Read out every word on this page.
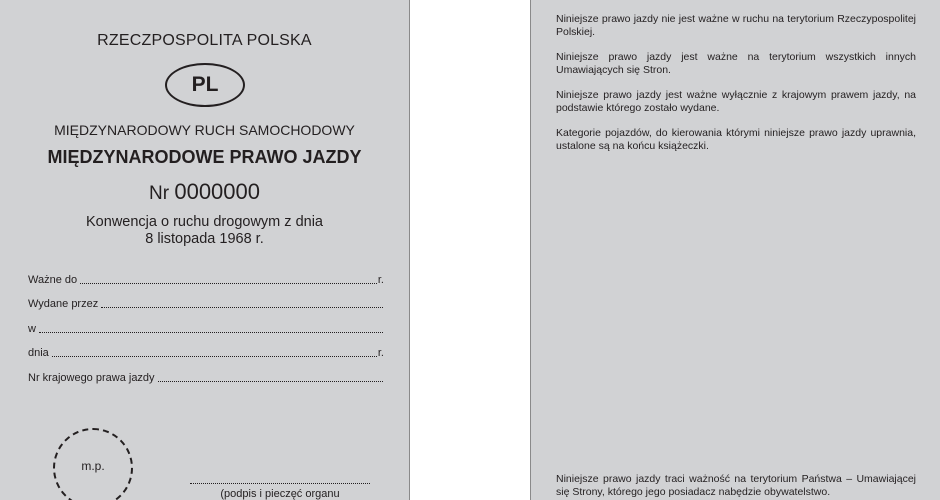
RZECZPOSPOLITA POLSKA
PL
MIĘDZYNARODOWY RUCH SAMOCHODOWY
MIĘDZYNARODOWE PRAWO JAZDY
Nr 0000000
Konwencja o ruchu drogowym z dnia
8 listopada 1968 r.
Ważne do	r.
Wydane przez
w
dnia	r.
Nr krajowego prawa jazdy
m.p.
(podpis i pieczęć organu
Niniejsze prawo jazdy nie jest ważne w ruchu na terytorium Rzeczypospolitej Polskiej.
Niniejsze prawo jazdy jest ważne na terytorium wszystkich innych Umawiających się Stron.
Niniejsze prawo jazdy jest ważne wyłącznie z krajowym prawem jazdy, na podstawie którego zostało wydane.
Kategorie pojazdów, do kierowania którymi niniejsze prawo jazdy uprawnia, ustalone są na końcu książeczki.
Niniejsze prawo jazdy traci ważność na terytorium Państwa – Umawiającej się Strony, którego jego posiadacz nabędzie obywatelstwo.
